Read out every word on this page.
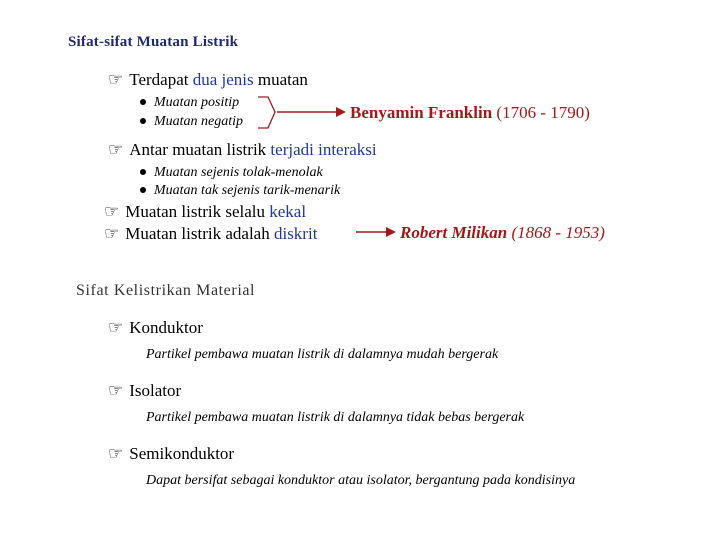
Sifat-sifat Muatan Listrik
☞ Terdapat dua jenis muatan
Muatan positip
Muatan negatip	Benyamin Franklin (1706 - 1790)
☞ Antar muatan listrik terjadi interaksi
Muatan sejenis tolak-menolak
Muatan tak sejenis tarik-menarik
☞ Muatan listrik selalu kekal
☞ Muatan listrik adalah diskrit	Robert Milikan (1868 - 1953)
Sifat Kelistrikan Material
☞ Konduktor
Partikel pembawa muatan listrik di dalamnya mudah bergerak
☞ Isolator
Partikel pembawa muatan listrik di dalamnya tidak bebas bergerak
☞ Semikonduktor
Dapat bersifat sebagai konduktor atau isolator, bergantung pada kondisinya
